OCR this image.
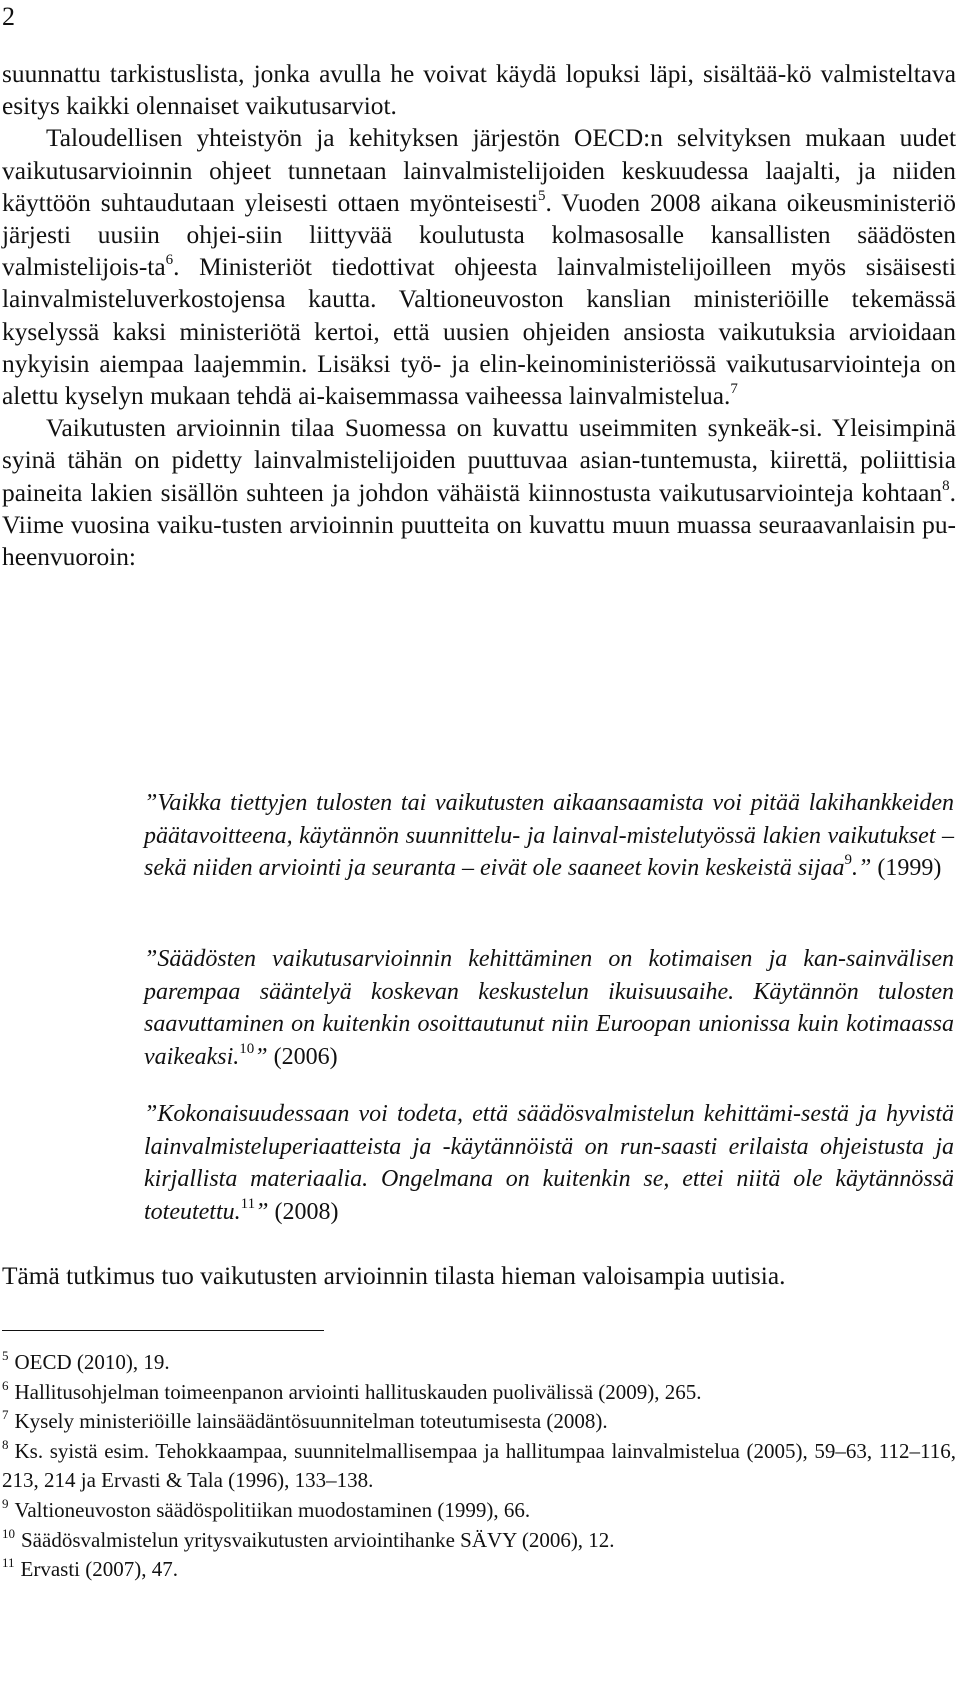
2

suunnattu tarkistuslista, jonka avulla he voivat käydä lopuksi läpi, sisältää-kö valmisteltava esitys kaikki olennaiset vaikutusarviot.

Taloudellisen yhteistyön ja kehityksen järjestön OECD:n selvityksen mukaan uudet vaikutusarvioinnin ohjeet tunnetaan lainvalmistelijoiden keskuudessa laajalti, ja niiden käyttöön suhtaudutaan yleisesti ottaen myönteisesti$^5$. Vuoden 2008 aikana oikeusministeriö järjesti uusiin ohjei-siin liittyvää koulutusta kolmasosalle kansallisten säädösten valmistelijois-$ta^6$. Ministeriöt tiedottivat ohjeesta lainvalmistelijoilleen myös sisäisesti lainvalmisteluverkostojensa kautta. Valtioneuvoston kanslian ministeriöille tekemässä kyselyssä kaksi ministeriötä kertoi, että uusien ohjeiden ansiosta vaikutuksia arvioidaan nykyisin aiempaa laajemmin. Lisäksi työ- ja elin-keinoministeriössä vaikutusarviointeja on alettu kyselyn mukaan tehdä ai-kaisemmassa vaiheessa lainvalmistelua.$^7$

Vaikutusten arvioinnin tilaa Suomessa on kuvattu useimmiten synkeäk-si. Yleisimpinä syinä tähän on pidetty lainvalmistelijoiden puuttuvaa asian-tuntemusta, kiirettä, poliittisia paineita lakien sisällön suhteen ja johdon vähäistä kiinnostusta vaikutusarviointeja kohtaan$^8$. Viime vuosina vaiku-tusten arvioinnin puutteita on kuvattu muun muassa seuraavanlaisin pu-heenvuoroin:

”Vaikka tiettyjen tulosten tai vaikutusten aikaansaamista voi pitää lakihankkeiden päätavoitteena, käytännön suunnittelu- ja lainval-mistelutyössä lakien vaikutukset – sekä niiden arviointi ja seuranta – eivät ole saaneet kovin keskeistä sijaa$^9$.” (1999)
”Säädösten vaikutusarvioinnin kehittäminen on kotimaisen ja kan-sainvälisen parempaa sääntelyä koskevan keskustelun ikuisuusaihe. Käytännön tulosten saavuttaminen on kuitenkin osoittautunut niin Euroopan unionissa kuin kotimaassa vaikeaksi.$^{10}$” (2006)
”Kokonaisuudessaan voi todeta, että säädösvalmistelun kehittämi-sestä ja hyvistä lainvalmisteluperiaatteista ja -käytännöistä on run-saasti erilaista ohjeistusta ja kirjallista materiaalia. Ongelmana on kuitenkin se, ettei niitä ole käytännössä toteutettu.$^{11}$” (2008)
Tämä tutkimus tuo vaikutusten arvioinnin tilasta hieman valoisampia uutisia.

$^5$ OECD (2010), 19.

$^6$ Hallitusohjelman toimeenpanon arviointi hallituskauden puolivälissä (2009), 265.

$^7$ Kysely ministeriöille lainsäädäntösuunnitelman toteutumisesta (2008).

$^8$ Ks. syistä esim. Tehokkaampaa, suunnitelmallisempaa ja hallitumpaa lainvalmistelua (2005), 59–63, 112–116, 213, 214 ja Ervasti & Tala (1996), 133–138.

$^9$ Valtioneuvoston säädöspolitiikan muodostaminen (1999), 66.

$^{10}$ Säädösvalmistelun yritysvaikutusten arviointihanke SÄVY (2006), 12.

$^{11}$ Ervasti (2007), 47.
